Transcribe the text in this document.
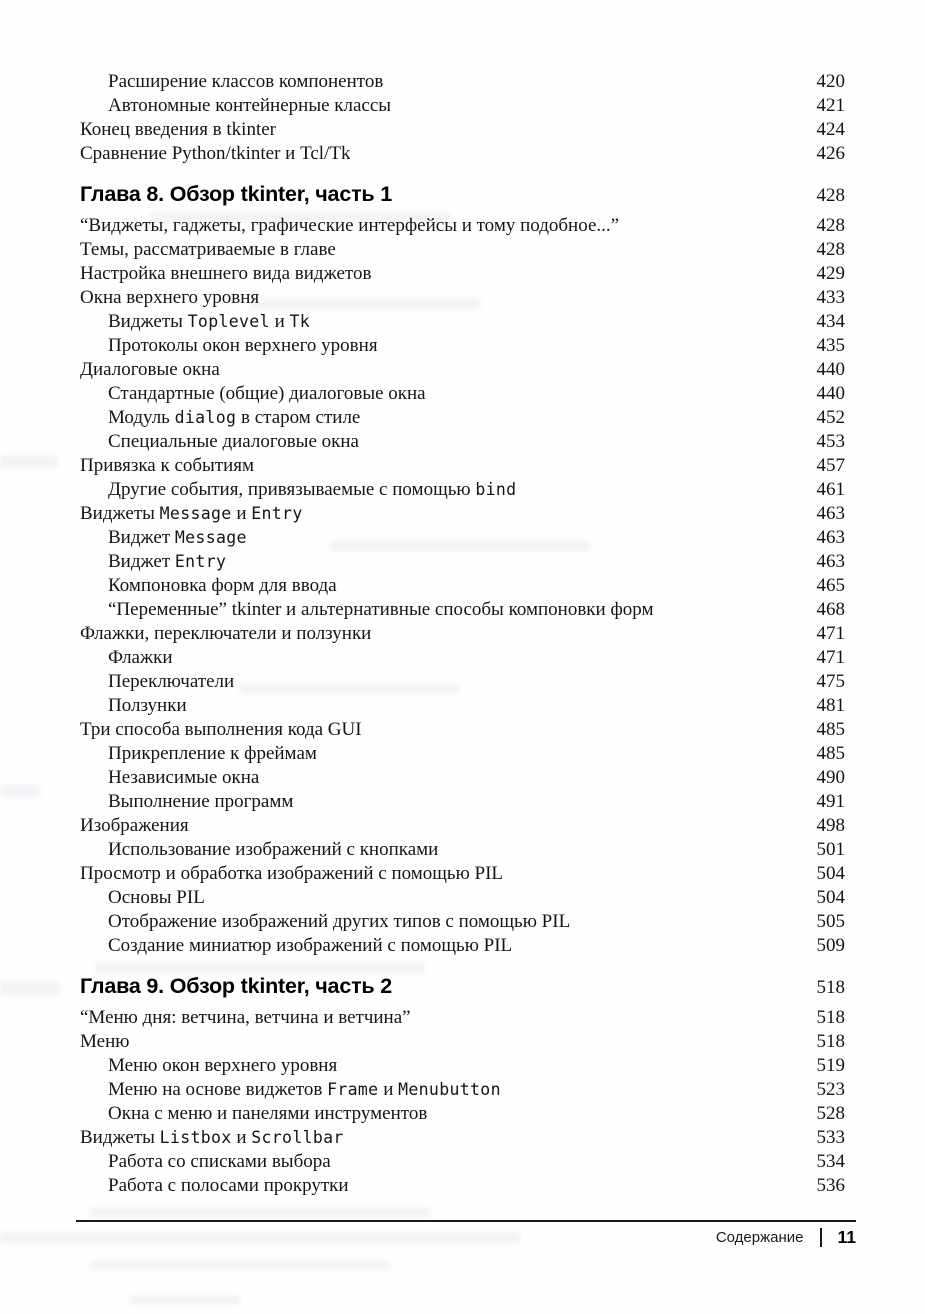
Расширение классов компонентов	420
Автономные контейнерные классы	421
Конец введения в tkinter	424
Сравнение Python/tkinter и Tcl/Tk	426
Глава 8. Обзор tkinter, часть 1	428
“Виджеты, гаджеты, графические интерфейсы и тому подобное...”	428
Темы, рассматриваемые в главе	428
Настройка внешнего вида виджетов	429
Окна верхнего уровня	433
Виджеты Toplevel и Tk	434
Протоколы окон верхнего уровня	435
Диалоговые окна	440
Стандартные (общие) диалоговые окна	440
Модуль dialog в старом стиле	452
Специальные диалоговые окна	453
Привязка к событиям	457
Другие события, привязываемые с помощью bind	461
Виджеты Message и Entry	463
Виджет Message	463
Виджет Entry	463
Компоновка форм для ввода	465
“Переменные” tkinter и альтернативные способы компоновки форм	468
Флажки, переключатели и ползунки	471
Флажки	471
Переключатели	475
Ползунки	481
Три способа выполнения кода GUI	485
Прикрепление к фреймам	485
Независимые окна	490
Выполнение программ	491
Изображения	498
Использование изображений с кнопками	501
Просмотр и обработка изображений с помощью PIL	504
Основы PIL	504
Отображение изображений других типов с помощью PIL	505
Создание миниатюр изображений с помощью PIL	509
Глава 9. Обзор tkinter, часть 2	518
“Меню дня: ветчина, ветчина и ветчина”	518
Меню	518
Меню окон верхнего уровня	519
Меню на основе виджетов Frame и Menubutton	523
Окна с меню и панелями инструментов	528
Виджеты Listbox и Scrollbar	533
Работа со списками выбора	534
Работа с полосами прокрутки	536
Содержание 11
